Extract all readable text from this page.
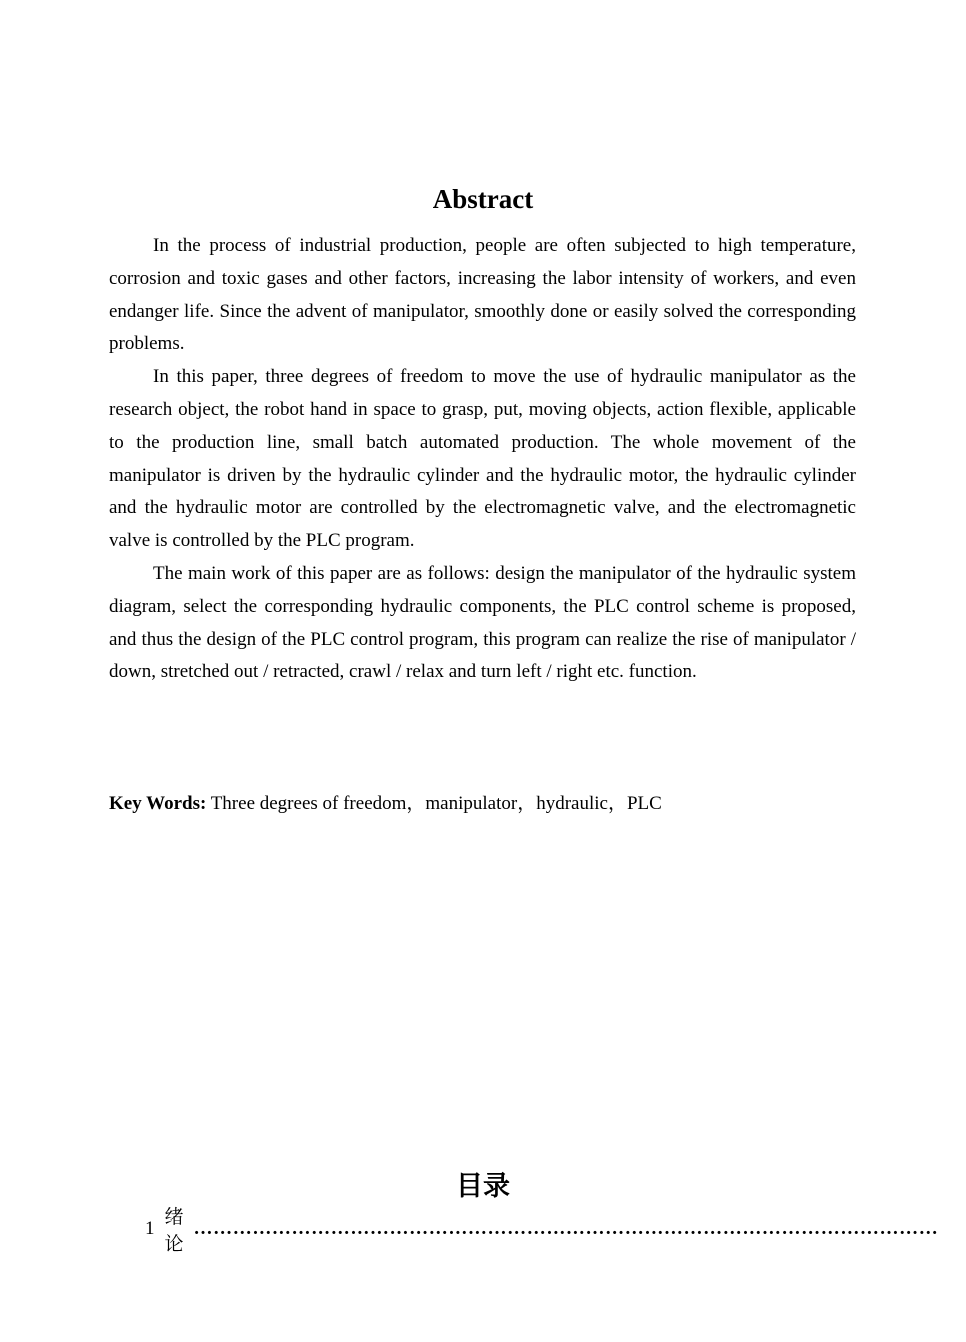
Abstract

In the process of industrial production, people are often subjected to high temperature, corrosion and toxic gases and other factors, increasing the labor intensity of workers, and even endanger life. Since the advent of manipulator, smoothly done or easily solved the corresponding problems.

In this paper, three degrees of freedom to move the use of hydraulic manipulator as the research object, the robot hand in space to grasp, put, moving objects, action flexible, applicable to the production line, small batch automated production. The whole movement of the manipulator is driven by the hydraulic cylinder and the hydraulic motor, the hydraulic cylinder and the hydraulic motor are controlled by the electromagnetic valve, and the electromagnetic valve is controlled by the PLC program.

The main work of this paper are as follows: design the manipulator of the hydraulic system diagram, select the corresponding hydraulic components, the PLC control scheme is proposed, and thus the design of the PLC control program, this program can realize the rise of manipulator / down, stretched out / retracted, crawl / relax and turn left / right etc. function.

Key Words: Three degrees of freedom，manipulator，hydraulic，PLC
目录
1
绪论
……………………………………………………………………………………………………
